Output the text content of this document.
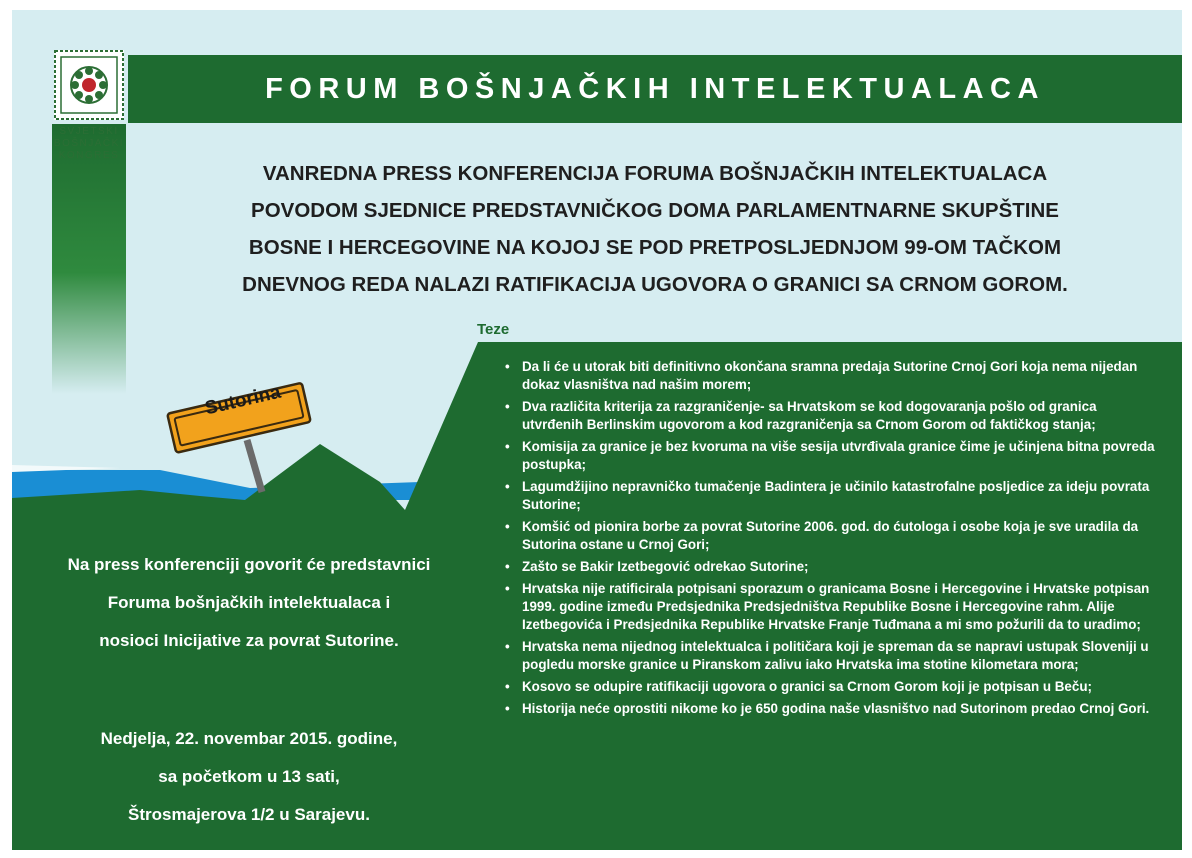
SVJETSKI
BOŠNJAČKI
KONGRES
FORUM BOŠNJAČKIH INTELEKTUALACA
VANREDNA PRESS KONFERENCIJA FORUMA BOŠNJAČKIH INTELEKTUALACA
POVODOM SJEDNICE PREDSTAVNIČKOG DOMA PARLAMENTNARNE SKUPŠTINE
BOSNE I HERCEGOVINE NA KOJOJ SE POD PRETPOSLJEDNJOM 99-OM TAČKOM
DNEVNOG REDA NALAZI RATIFIKACIJA UGOVORA O GRANICI SA CRNOM GOROM.
Sutorina
Teze
• Da li će u utorak biti definitivno okončana sramna predaja Sutorine Crnoj Gori koja nema nijedan dokaz vlasništva nad našim morem;
• Dva različita kriterija za razgraničenje- sa Hrvatskom se kod dogovaranja pošlo od granica utvrđenih Berlinskim ugovorom a kod razgraničenja sa Crnom Gorom od faktičkog stanja;
• Komisija za granice je bez kvoruma na više sesija utvrđivala granice čime je učinjena bitna povreda postupka;
• Lagumdžijino nepravničko tumačenje Badintera je učinilo katastrofalne posljedice za ideju povrata Sutorine;
• Komšić od pionira borbe za povrat Sutorine 2006. god. do ćutologa i osobe koja je sve uradila da Sutorina ostane u Crnoj Gori;
• Zašto se Bakir Izetbegović odrekao Sutorine;
• Hrvatska nije ratificirala potpisani sporazum o granicama Bosne i Hercegovine i Hrvatske potpisan 1999. godine između Predsjednika Predsjedništva Republike Bosne i Hercegovine rahm. Alije Izetbegovića i Predsjednika Republike Hrvatske Franje Tuđmana a mi smo požurili da to uradimo;
• Hrvatska nema nijednog intelektualca i političara koji je spreman da se napravi ustupak Sloveniji u pogledu morske granice u Piranskom zalivu iako Hrvatska ima stotine kilometara mora;
• Kosovo se odupire ratifikaciji ugovora o granici sa Crnom Gorom koji je potpisan u Beču;
• Historija neće oprostiti nikome ko je 650 godina naše vlasništvo nad Sutorinom predao Crnoj Gori.
Na press konferenciji govorit će predstavnici
Forumа bošnjačkih intelektualaca i
nosioci Inicijative za povrat Sutorine.
Nedjelja, 22. novembar 2015. godine,
sa početkom u 13 sati,
Štrosmajerova 1/2 u Sarajevu.
